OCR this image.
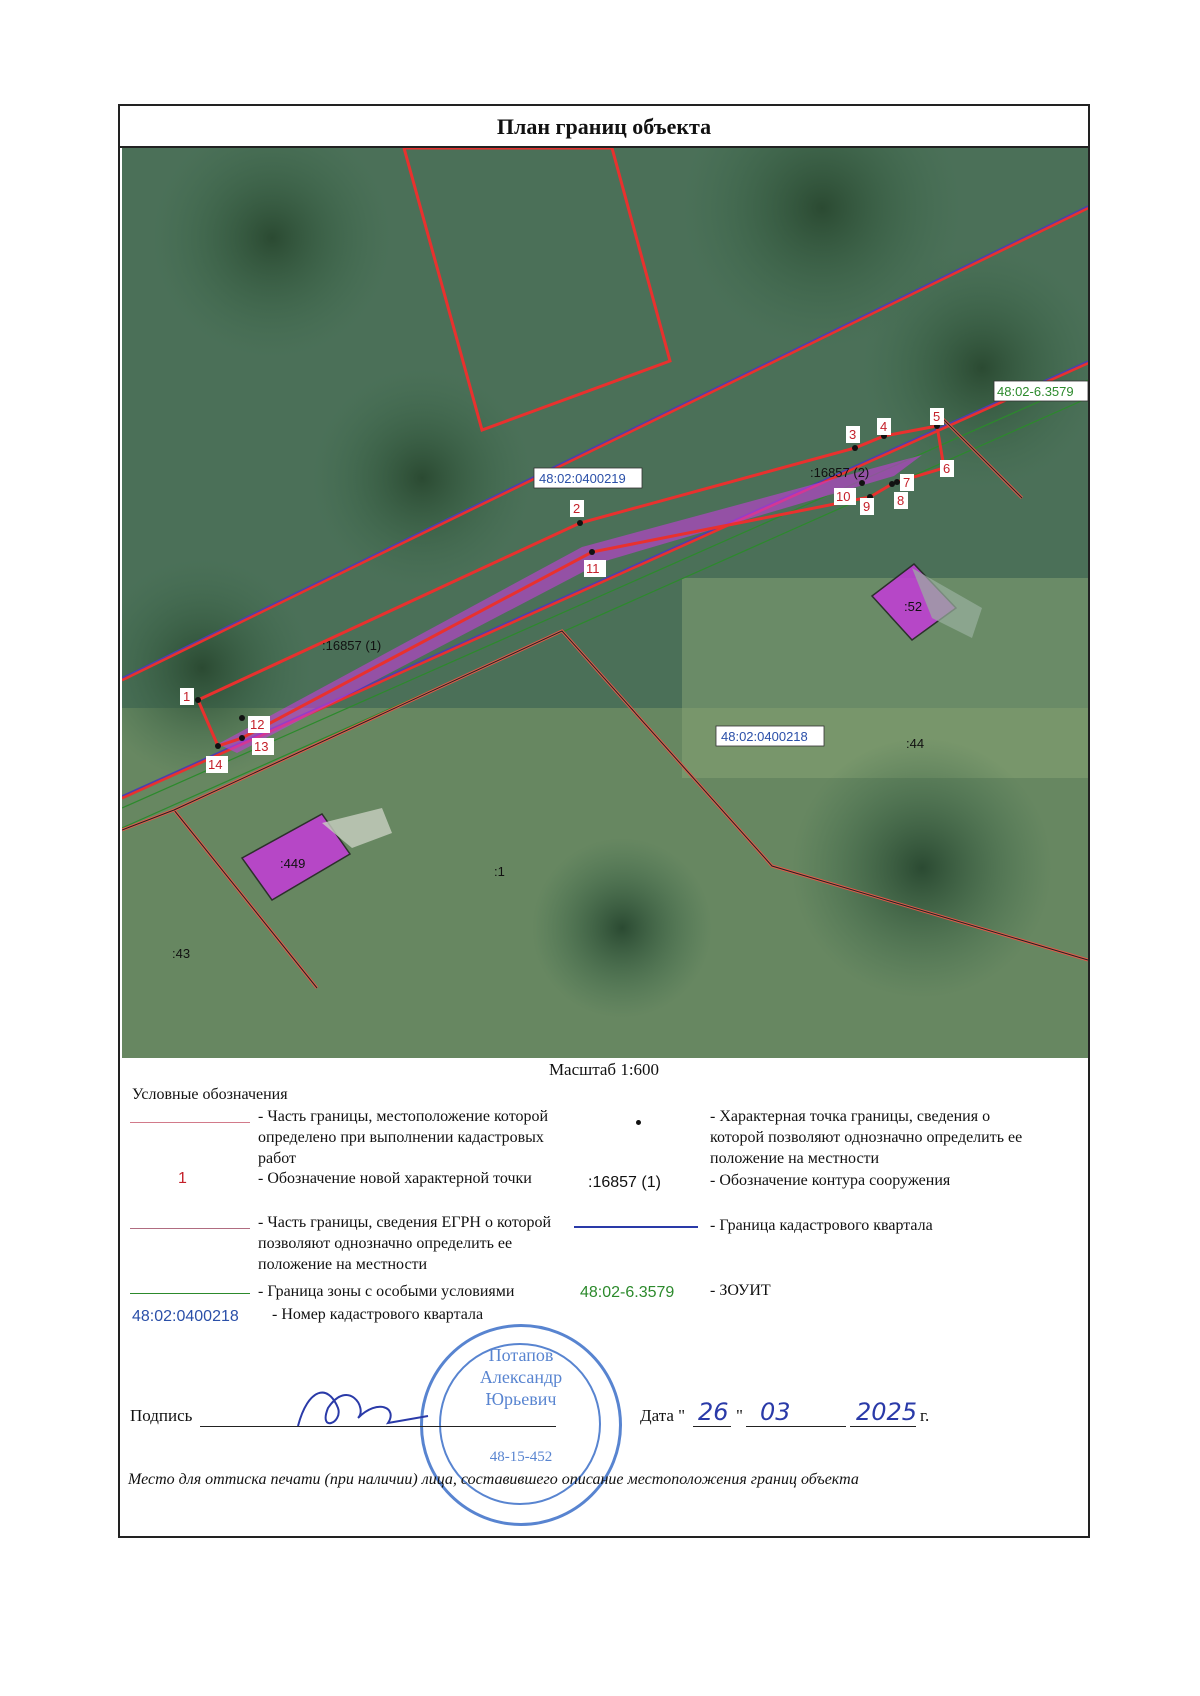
План границ объекта
1
2
3
4
5
6
7
8
9
10
11
12
13
14
:16857 (1)
:16857 (2)
:52
:449
:44
:1
:43
48:02:0400219
48:02:0400218
48:02-6.3579
Масштаб 1:600
Условные обозначения
- Часть границы, местоположение которой определено при выполнении кадастровых работ
1	- Обозначение новой характерной точки
- Часть границы, сведения ЕГРН о которой позволяют однозначно определить ее положение на местности
- Граница зоны с особыми условиями
48:02:0400218 - Номер кадастрового квартала
- Характерная точка границы, сведения о которой позволяют однозначно определить ее положение на местности
:16857 (1)	- Обозначение контура сооружения
- Граница кадастрового квартала
48:02-6.3579 - ЗОУИТ
Потапов
Александр
Юрьевич
48-15-452
Подпись	Дата " 26 " 03	2025 г.
Место для оттиска печати (при наличии) лица, составившего описание местоположения границ объекта
